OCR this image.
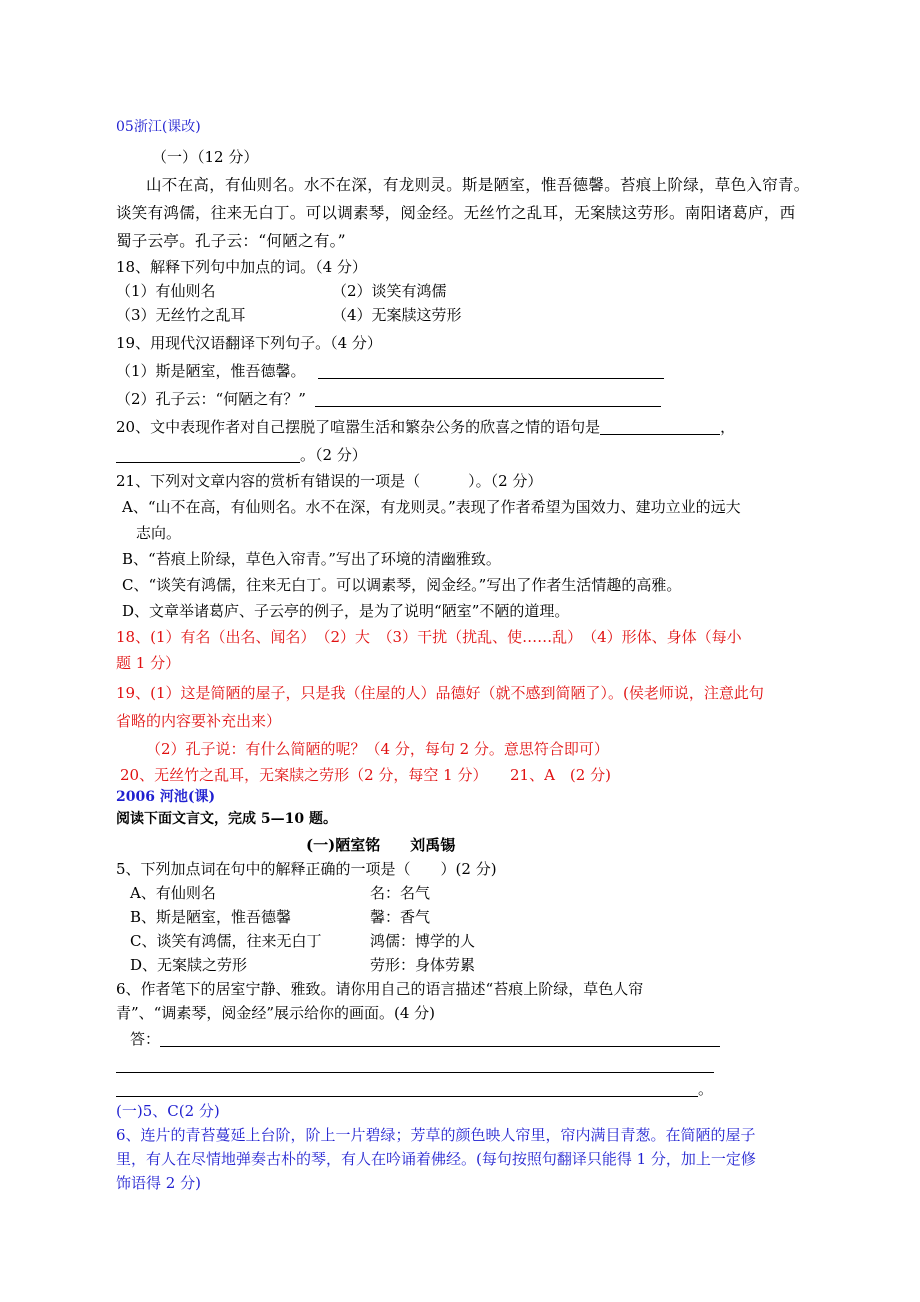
05浙江(课改)
（一）（12 分）
山不在高，有仙则名。水不在深，有龙则灵。斯是陋室，惟吾德馨。苔痕上阶绿，草色入帘青。
谈笑有鸿儒，往来无白丁。可以调素琴，阅金经。无丝竹之乱耳，无案牍这劳形。南阳诸葛庐，西
蜀子云亭。孔子云：“何陋之有。”
18、解释下列句中加点的词。（4 分）
（1）有仙则名	（2）谈笑有鸿儒
（3）无丝竹之乱耳	（4）无案牍这劳形
19、用现代汉语翻译下列句子。（4 分）
（1）斯是陋室，惟吾德馨。
（2）孔子云：“何陋之有？”
20、文中表现作者对自己摆脱了喧嚣生活和繁杂公务的欣喜之情的语句是	，
。（2 分）
21、下列对文章内容的赏析有错误的一项是（	）。（2 分）
A、“山不在高，有仙则名。水不在深，有龙则灵。”表现了作者希望为国效力、建功立业的远大
志向。
B、“苔痕上阶绿，草色入帘青。”写出了环境的清幽雅致。
C、“谈笑有鸿儒，往来无白丁。可以调素琴，阅金经。”写出了作者生活情趣的高雅。
D、文章举诸葛庐、子云亭的例子，是为了说明“陋室”不陋的道理。
18、(1）有名（出名、闻名）　（2）大　（3）干扰（扰乱、使……乱）　（4）形体、身体（每小
题 1 分）
19、(1）这是简陋的屋子，只是我（住屋的人）品德好（就不感到简陋了）。(侯老师说，注意此句
省略的内容要补充出来）
（2）孔子说：有什么简陋的呢？（4 分，每句 2 分。意思符合即可）
20、无丝竹之乱耳，无案牍之劳形（2 分，每空 1 分）　　21、A　(2 分)
2006 河池(课)
阅读下面文言文，完成 5—10 题。
(一)陋室铭　　刘禹锡
5、下列加点词在句中的解释正确的一项是（　　）(2 分)
A、有仙则名	名：名气
B、斯是陋室，惟吾德馨	馨：香气
C、谈笑有鸿儒，往来无白丁	鸿儒：博学的人
D、无案牍之劳形	劳形：身体劳累
6、作者笔下的居室宁静、雅致。请你用自己的语言描述“苔痕上阶绿，草色人帘
青”、“调素琴，阅金经”展示给你的画面。(4 分)
答：
。
(一)5、C(2 分)
6、连片的青苔蔓延上台阶，阶上一片碧绿；芳草的颜色映人帘里，帘内满目青葱。在简陋的屋子
里，有人在尽情地弹奏古朴的琴，有人在吟诵着佛经。(每句按照句翻译只能得 1 分，加上一定修
饰语得 2 分)
